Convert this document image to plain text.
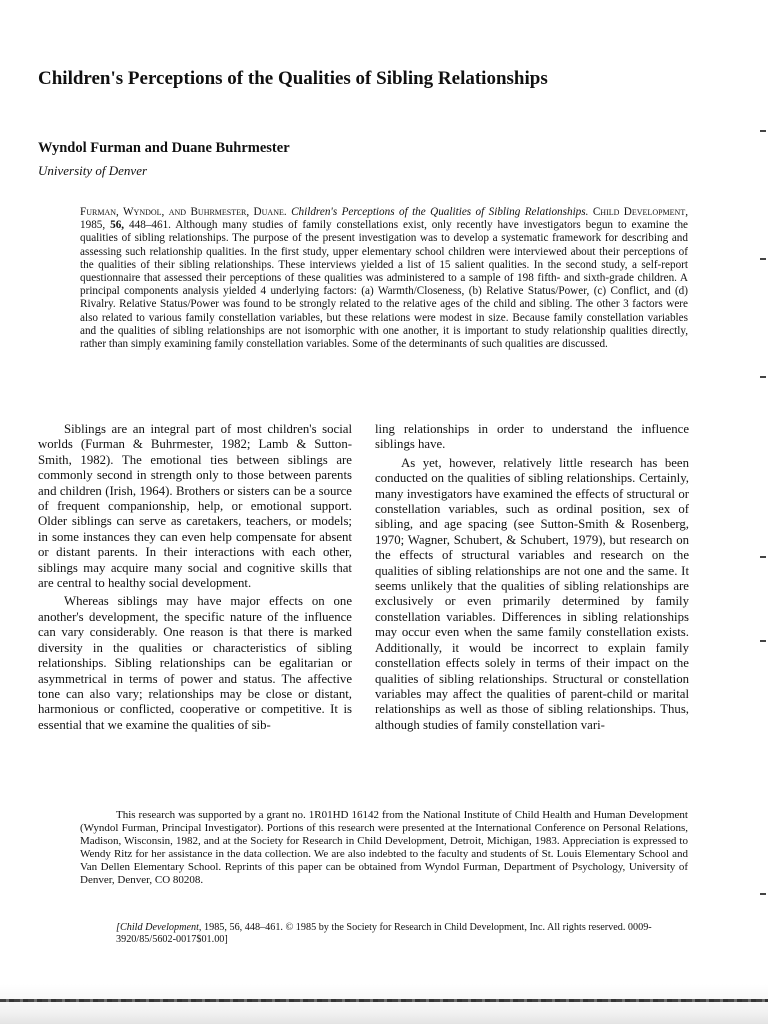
Children's Perceptions of the Qualities of Sibling Relationships

Wyndol Furman and Duane Buhrmester

University of Denver

Furman, Wyndol, and Buhrmester, Duane. Children's Perceptions of the Qualities of Sibling Relationships. Child Development, 1985, 56, 448–461. Although many studies of family constellations exist, only recently have investigators begun to examine the qualities of sibling relationships. The purpose of the present investigation was to develop a systematic framework for describing and assessing such relationship qualities. In the first study, upper elementary school children were interviewed about their perceptions of the qualities of their sibling relationships. These interviews yielded a list of 15 salient qualities. In the second study, a self-report questionnaire that assessed their perceptions of these qualities was administered to a sample of 198 fifth- and sixth-grade children. A principal components analysis yielded 4 underlying factors: (a) Warmth/Closeness, (b) Relative Status/Power, (c) Conflict, and (d) Rivalry. Relative Status/Power was found to be strongly related to the relative ages of the child and sibling. The other 3 factors were also related to various family constellation variables, but these relations were modest in size. Because family constellation variables and the qualities of sibling relationships are not isomorphic with one another, it is important to study relationship qualities directly, rather than simply examining family constellation variables. Some of the determinants of such qualities are discussed.

Siblings are an integral part of most children's social worlds (Furman & Buhrmester, 1982; Lamb & Sutton-Smith, 1982). The emotional ties between siblings are commonly second in strength only to those between parents and children (Irish, 1964). Brothers or sisters can be a source of frequent companionship, help, or emotional support. Older siblings can serve as caretakers, teachers, or models; in some instances they can even help compensate for absent or distant parents. In their interactions with each other, siblings may acquire many social and cognitive skills that are central to healthy social development.

Whereas siblings may have major effects on one another's development, the specific nature of the influence can vary considerably. One reason is that there is marked diversity in the qualities or characteristics of sibling relationships. Sibling relationships can be egalitarian or asymmetrical in terms of power and status. The affective tone can also vary; relationships may be close or distant, harmonious or conflicted, cooperative or competitive. It is essential that we examine the qualities of sib-

ling relationships in order to understand the influence siblings have.

As yet, however, relatively little research has been conducted on the qualities of sibling relationships. Certainly, many investigators have examined the effects of structural or constellation variables, such as ordinal position, sex of sibling, and age spacing (see Sutton-Smith & Rosenberg, 1970; Wagner, Schubert, & Schubert, 1979), but research on the effects of structural variables and research on the qualities of sibling relationships are not one and the same. It seems unlikely that the qualities of sibling relationships are exclusively or even primarily determined by family constellation variables. Differences in sibling relationships may occur even when the same family constellation exists. Additionally, it would be incorrect to explain family constellation effects solely in terms of their impact on the qualities of sibling relationships. Structural or constellation variables may affect the qualities of parent-child or marital relationships as well as those of sibling relationships. Thus, although studies of family constellation vari-

This research was supported by a grant no. 1R01HD 16142 from the National Institute of Child Health and Human Development (Wyndol Furman, Principal Investigator). Portions of this research were presented at the International Conference on Personal Relations, Madison, Wisconsin, 1982, and at the Society for Research in Child Development, Detroit, Michigan, 1983. Appreciation is expressed to Wendy Ritz for her assistance in the data collection. We are also indebted to the faculty and students of St. Louis Elementary School and Van Dellen Elementary School. Reprints of this paper can be obtained from Wyndol Furman, Department of Psychology, University of Denver, Denver, CO 80208.

[Child Development, 1985, 56, 448–461. © 1985 by the Society for Research in Child Development, Inc. All rights reserved. 0009-3920/85/5602-0017$01.00]
